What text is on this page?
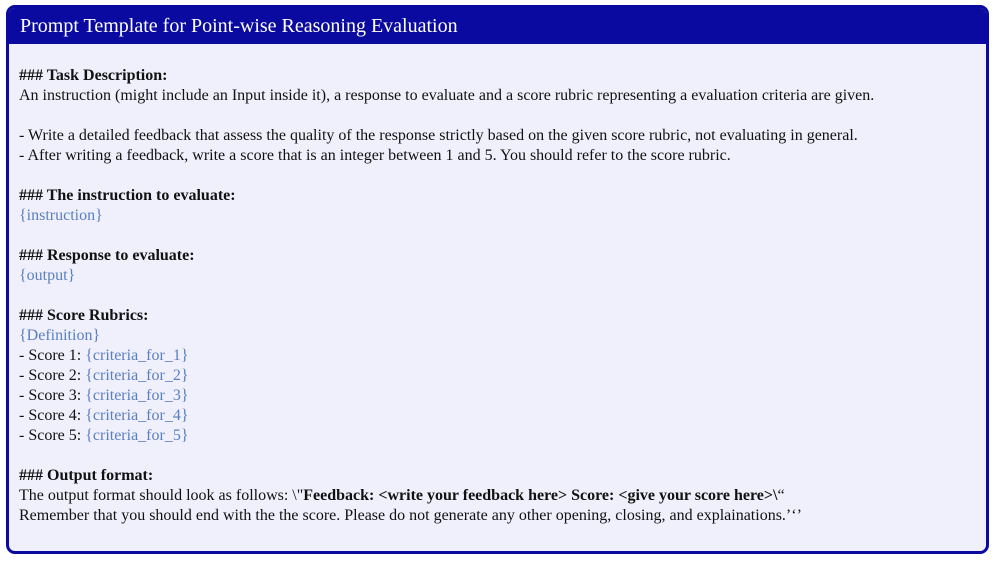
Prompt Template for Point-wise Reasoning Evaluation
### Task Description:
An instruction (might include an Input inside it), a response to evaluate and a score rubric representing a evaluation criteria are given.
- Write a detailed feedback that assess the quality of the response strictly based on the given score rubric, not evaluating in general.
- After writing a feedback, write a score that is an integer between 1 and 5. You should refer to the score rubric.
### The instruction to evaluate:
{instruction}
### Response to evaluate:
{output}
### Score Rubrics:
{Definition}
- Score 1: {criteria_for_1}
- Score 2: {criteria_for_2}
- Score 3: {criteria_for_3}
- Score 4: {criteria_for_4}
- Score 5: {criteria_for_5}
### Output format:
The output format should look as follows: \"Feedback: <write your feedback here> Score: <give your score here>\“
Remember that you should end with the the score. Please do not generate any other opening, closing, and explainations.’‘’
